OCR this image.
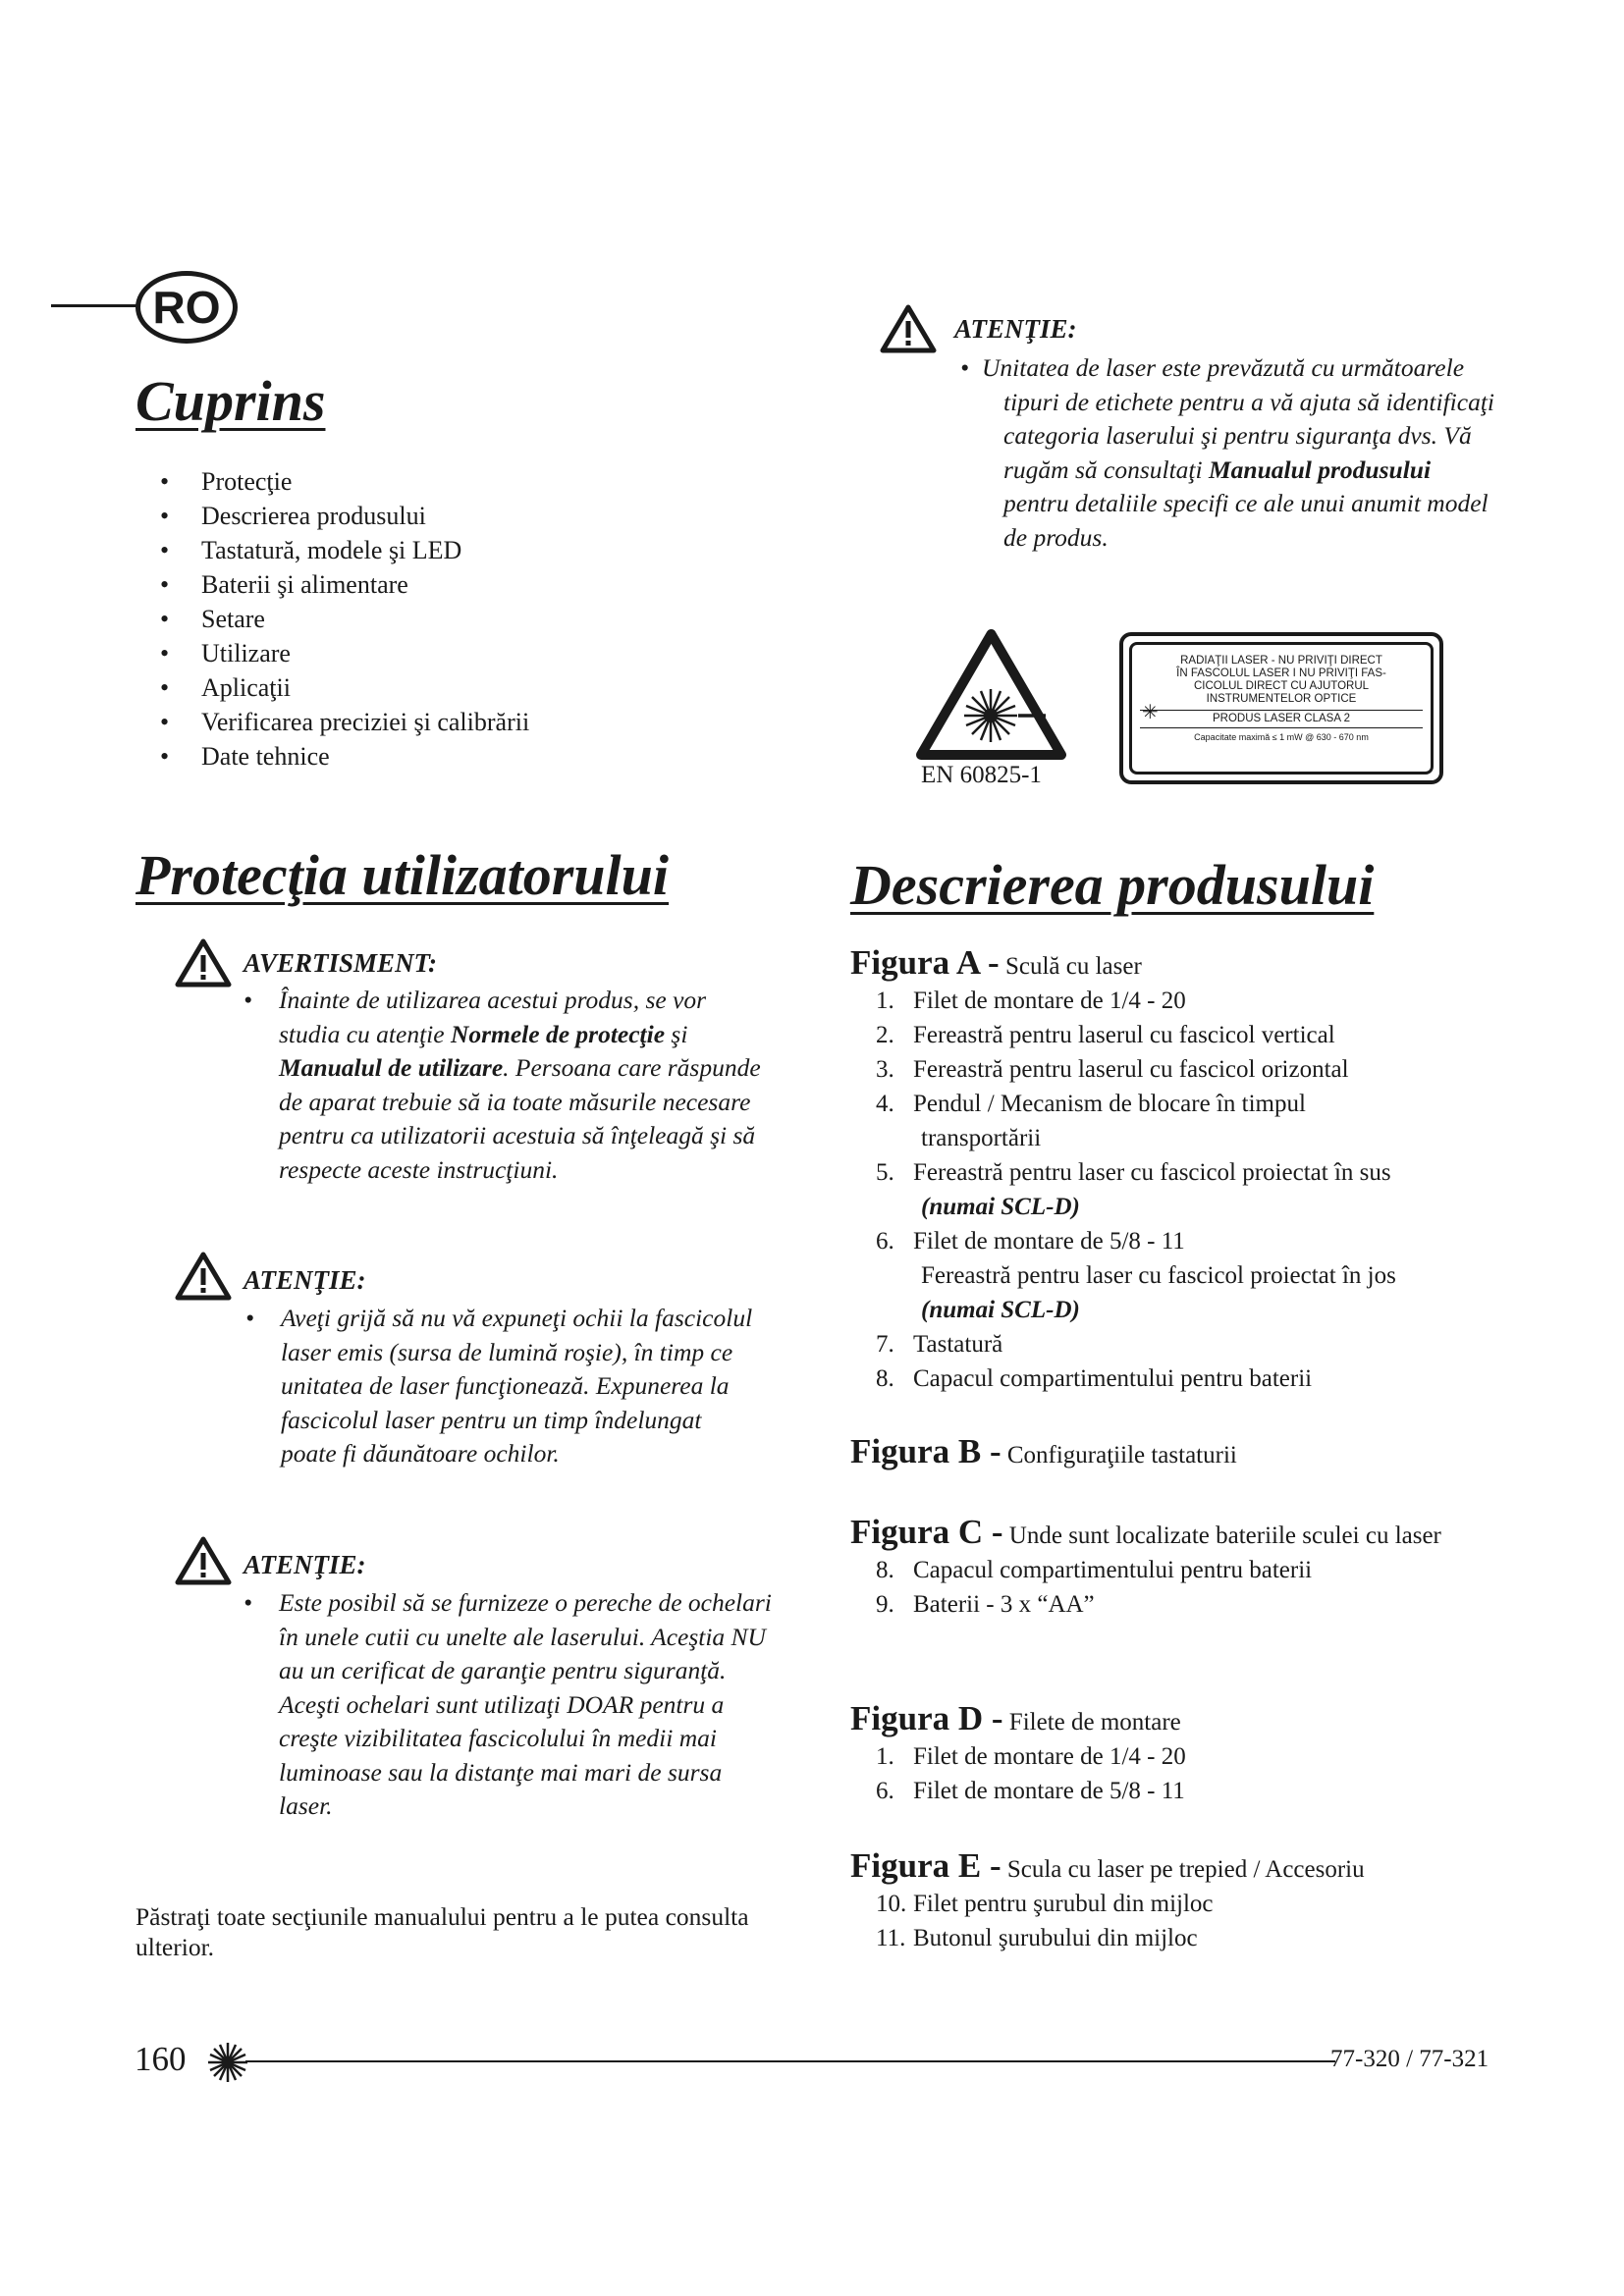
RO
Cuprins
• Protecţie
• Descrierea produsului
• Tastatură, modele şi LED
• Baterii şi alimentare
• Setare
• Utilizare
• Aplicaţii
• Verificarea preciziei şi calibrării
• Date tehnice
ATENŢIE:
• Unitatea de laser este prevăzută cu următoarele tipuri de etichete pentru a vă ajuta să identificaţi categoria laserului şi pentru siguranţa dvs. Vă rugăm să consultaţi Manualul produsului pentru detaliile specifi ce ale unui anumit model de produs.

EN 60825-1
RADIAŢII LASER - NU PRIVIŢI DIRECT
ÎN FASCOLUL LASER I NU PRIVIŢI FAS-
CICOLUL DIRECT CU AJUTORUL
INSTRUMENTELOR OPTICE
✳	PRODUS LASER CLASA 2
Capacitate maximă ≤ 1 mW @ 630 - 670 nm
Protecţia utilizatorului
AVERTISMENT:
•	Înainte de utilizarea acestui produs, se vor studia cu atenţie Normele de protecţie şi Manualul de utilizare. Persoana care răspunde de aparat trebuie să ia toate măsurile necesare pentru ca utilizatorii acestuia să înţeleagă şi să respecte aceste instrucţiuni.

ATENŢIE:
•	Aveţi grijă să nu vă expuneţi ochii la fascicolul laser emis (sursa de lumină roşie), în timp ce unitatea de laser funcţionează. Expunerea la fascicolul laser pentru un timp îndelungat poate fi dăunătoare ochilor.

ATENŢIE:
•	Este posibil să se furnizeze o pereche de ochelari în unele cutii cu unelte ale laserului. Aceştia NU au un cerificat de garanţie pentru siguranţă. Aceşti ochelari sunt utilizaţi DOAR pentru a creşte vizibilitatea fascicolului în medii mai luminoase sau la distanţe mai mari de sursa laser.

Păstraţi toate secţiunile manualului pentru a le putea consulta ulterior.
Descrierea produsului
Figura A - Sculă cu laser
1. Filet de montare de 1/4 - 20
2. Fereastră pentru laserul cu fascicol vertical
3. Fereastră pentru laserul cu fascicol orizontal
4. Pendul / Mecanism de blocare în timpul
transportării
5. Fereastră pentru laser cu fascicol proiectat în sus
(numai SCL-D)
6. Filet de montare de 5/8 - 11
Fereastră pentru laser cu fascicol proiectat în jos
(numai SCL-D)
7. Tastatură
8. Capacul compartimentului pentru baterii
Figura B - Configuraţiile tastaturii
Figura C - Unde sunt localizate bateriile sculei cu laser
8. Capacul compartimentului pentru baterii
9. Baterii - 3 x “AA”
Figura D - Filete de montare
1. Filet de montare de 1/4 - 20
6. Filet de montare de 5/8 - 11
Figura E - Scula cu laser pe trepied / Accesoriu
10. Filet pentru şurubul din mijloc
11. Butonul şurubului din mijloc
160	77-320 / 77-321
